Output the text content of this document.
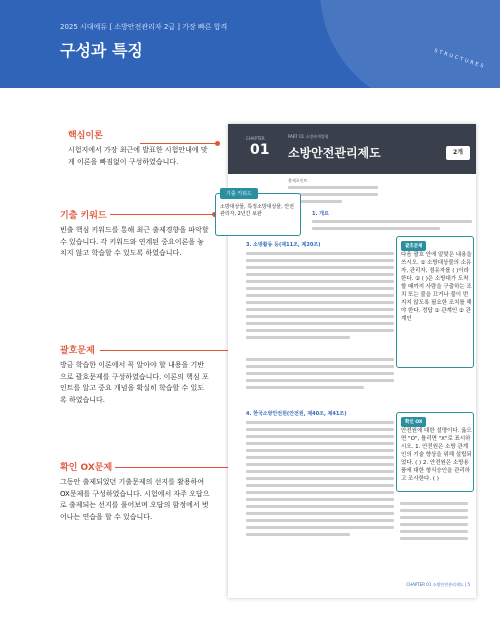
2025 시대에듀 [ 소방안전관리자 2급 ] 가장 빠른 합격
구성과 특징	STRUCTURES
핵심이론
시험지에서 가장 최근에 발표한 시험안내에 맞게 이론을 빠짐없이 구성하였습니다.
기출 키워드
빈출 핵심 키워드를 통해 최근 출제경향을 파악할 수 있습니다. 각 키워드와 연계된 중요이론을 놓치지 않고 학습할 수 있도록 하였습니다.
괄호문제
방금 학습한 이론에서 꼭 알아야 할 내용을 기반으로 괄호문제를 구성하였습니다. 이론의 핵심 포인트를 알고 중요 개념을 확실히 학습할 수 있도록 하였습니다.
확인 OX문제
그동안 출제되었던 기출문제의 선지를 활용하여 OX문제를 구성하였습니다. 시험에서 자주 오답으로 출제되는 선지를 풀어보며 오답의 함정에서 벗어나는 연습을 할 수 있습니다.
CHAPTER
01
PART 01 소방관계법령
소방안전관리제도	2개
출제포인트
1. 개요
3. 소방활동 등(제11조, 제20조)
4. 한국소방안전원(안전원, 제40조, 제41조)
CHAPTER 01 소방안전관리제도 | 5
기출 키워드
소방대상물, 특정소방대상물, 안전관리자, 2년간 보관
괄호문제
다음 괄호 안에 알맞은 내용을 쓰시오. ① 소방대상물의 소유자, 관리자, 점유자를 ( )이라 한다. ② ( )은 소방대가 도착할 때까지 사람을 구출하는 조치 또는 불을 끄거나 불이 번지지 않도록 필요한 조치를 해야 한다. 정답 ① 관계인 ② 관계인
확인 OX
안전원에 대한 설명이다. 옳으면 "O", 틀리면 "X"로 표시하시오. 1. 안전원은 소방 관계인의 기술 향상을 위해 설립되었다. ( ) 2. 안전원은 소방용품에 대한 형식승인을 관리하고 조사한다. ( )
